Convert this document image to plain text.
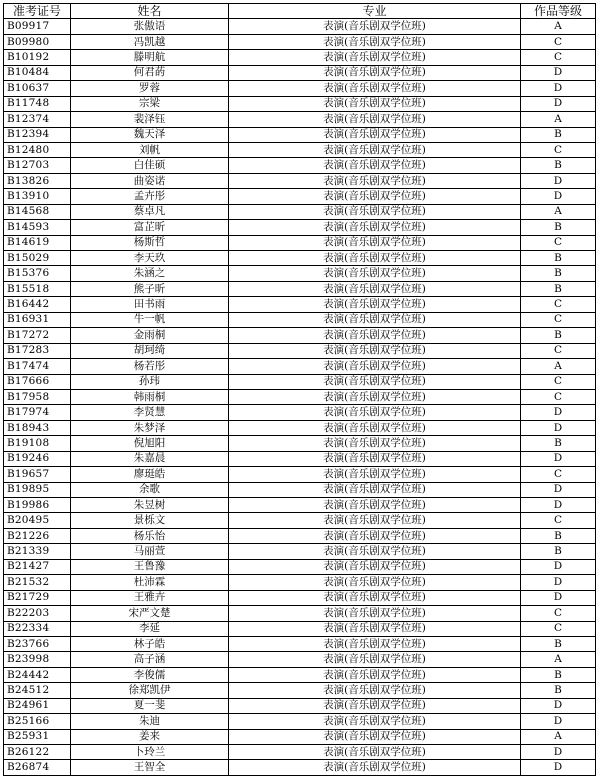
准考证号	姓名	专业	作品等级
B09917	张傲语	表演(音乐剧双学位班)	A
B09980	冯凯越	表演(音乐剧双学位班)	C
B10192	滕明航	表演(音乐剧双学位班)	C
B10484	何君菂	表演(音乐剧双学位班)	D
B10637	罗蓉	表演(音乐剧双学位班)	D
B11748	宗梁	表演(音乐剧双学位班)	D
B12374	裴泽钰	表演(音乐剧双学位班)	A
B12394	魏天泽	表演(音乐剧双学位班)	B
B12480	刘帆	表演(音乐剧双学位班)	C
B12703	白佳硕	表演(音乐剧双学位班)	B
B13826	曲姿诺	表演(音乐剧双学位班)	D
B13910	孟卉彤	表演(音乐剧双学位班)	D
B14568	蔡卓凡	表演(音乐剧双学位班)	A
B14593	富芷昕	表演(音乐剧双学位班)	B
B14619	杨斯哲	表演(音乐剧双学位班)	C
B15029	李天玖	表演(音乐剧双学位班)	B
B15376	朱涵之	表演(音乐剧双学位班)	B
B15518	熊子昕	表演(音乐剧双学位班)	B
B16442	田书雨	表演(音乐剧双学位班)	C
B16931	牛一帆	表演(音乐剧双学位班)	C
B17272	金雨桐	表演(音乐剧双学位班)	B
B17283	胡珂绮	表演(音乐剧双学位班)	C
B17474	杨若彤	表演(音乐剧双学位班)	A
B17666	孙玮	表演(音乐剧双学位班)	C
B17958	韩雨桐	表演(音乐剧双学位班)	C
B17974	李贤慧	表演(音乐剧双学位班)	D
B18943	朱梦泽	表演(音乐剧双学位班)	D
B19108	倪旭阳	表演(音乐剧双学位班)	B
B19246	朱嘉晨	表演(音乐剧双学位班)	D
B19657	廖珽皓	表演(音乐剧双学位班)	C
B19895	余歌	表演(音乐剧双学位班)	D
B19986	朱昱树	表演(音乐剧双学位班)	D
B20495	景栎文	表演(音乐剧双学位班)	C
B21226	杨乐怡	表演(音乐剧双学位班)	B
B21339	马丽萱	表演(音乐剧双学位班)	B
B21427	王鲁豫	表演(音乐剧双学位班)	D
B21532	杜沛霖	表演(音乐剧双学位班)	D
B21729	王雅卉	表演(音乐剧双学位班)	D
B22203	宋严文楚	表演(音乐剧双学位班)	C
B22334	李延	表演(音乐剧双学位班)	C
B23766	林子皓	表演(音乐剧双学位班)	B
B23998	高子涵	表演(音乐剧双学位班)	A
B24442	李俊儒	表演(音乐剧双学位班)	B
B24512	徐郑凯伊	表演(音乐剧双学位班)	B
B24961	夏一斐	表演(音乐剧双学位班)	D
B25166	朱迪	表演(音乐剧双学位班)	D
B25931	姜来	表演(音乐剧双学位班)	A
B26122	卜玲兰	表演(音乐剧双学位班)	D
B26874	王智全	表演(音乐剧双学位班)	D
